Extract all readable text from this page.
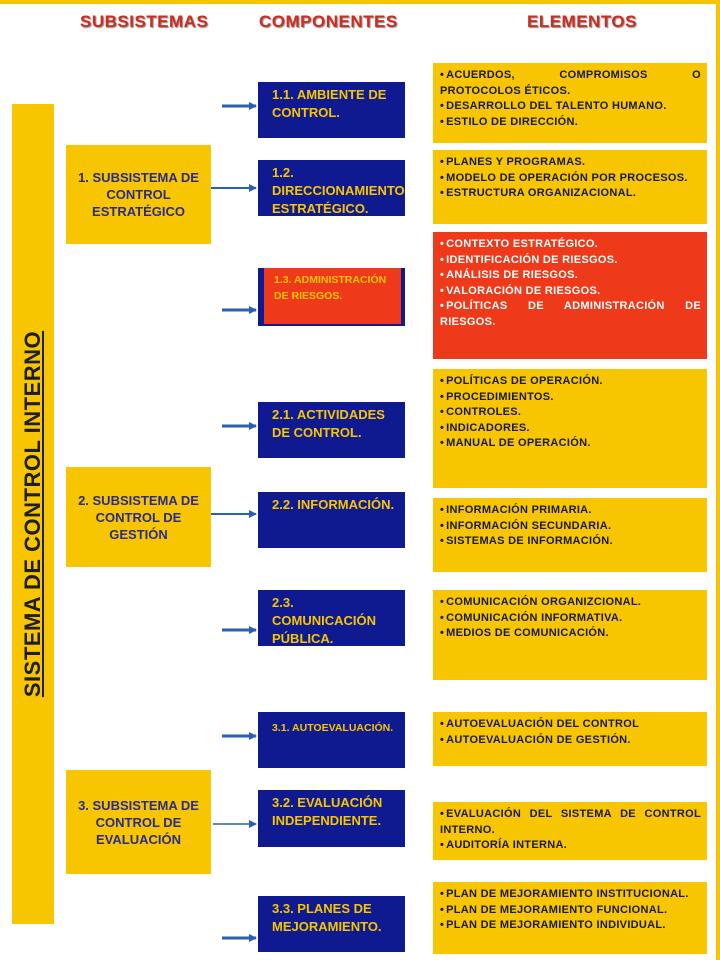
SUBSISTEMAS	COMPONENTES	ELEMENTOS
SISTEMA DE CONTROL INTERNO
1. SUBSISTEMA DE CONTROL ESTRATÉGICO
2. SUBSISTEMA DE CONTROL DE GESTIÓN
3. SUBSISTEMA DE CONTROL DE EVALUACIÓN
1.1. AMBIENTE DE CONTROL.
1.2. DIRECCIONAMIENTO ESTRATÉGICO.
1.3. ADMINISTRACIÓN DE RIESGOS.
2.1. ACTIVIDADES DE CONTROL.
2.2. INFORMACIÓN.
2.3. COMUNICACIÓN PÚBLICA.
3.1. AUTOEVALUACIÓN.
3.2. EVALUACIÓN INDEPENDIENTE.
3.3. PLANES DE MEJORAMIENTO.
• ACUERDOS, COMPROMISOS O PROTOCOLOS ÉTICOS.
• DESARROLLO DEL TALENTO HUMANO.
• ESTILO DE DIRECCIÓN.
• PLANES Y PROGRAMAS.
• MODELO DE OPERACIÓN POR PROCESOS.
• ESTRUCTURA ORGANIZACIONAL.
• CONTEXTO ESTRATÉGICO.
• IDENTIFICACIÓN DE RIESGOS.
• ANÁLISIS DE RIESGOS.
• VALORACIÓN DE RIESGOS.
• POLÍTICAS DE ADMINISTRACIÓN DE RIESGOS.
• POLÍTICAS DE OPERACIÓN.
• PROCEDIMIENTOS.
• CONTROLES.
• INDICADORES.
• MANUAL DE OPERACIÓN.
• INFORMACIÓN PRIMARIA.
• INFORMACIÓN SECUNDARIA.
• SISTEMAS DE INFORMACIÓN.
• COMUNICACIÓN ORGANIZCIONAL.
• COMUNICACIÓN INFORMATIVA.
• MEDIOS DE COMUNICACIÓN.
• AUTOEVALUACIÓN DEL CONTROL
• AUTOEVALUACIÓN DE GESTIÓN.
• EVALUACIÓN DEL SISTEMA DE CONTROL INTERNO.
• AUDITORÍA INTERNA.
• PLAN DE MEJORAMIENTO INSTITUCIONAL.
• PLAN DE MEJORAMIENTO FUNCIONAL.
• PLAN DE MEJORAMIENTO INDIVIDUAL.
